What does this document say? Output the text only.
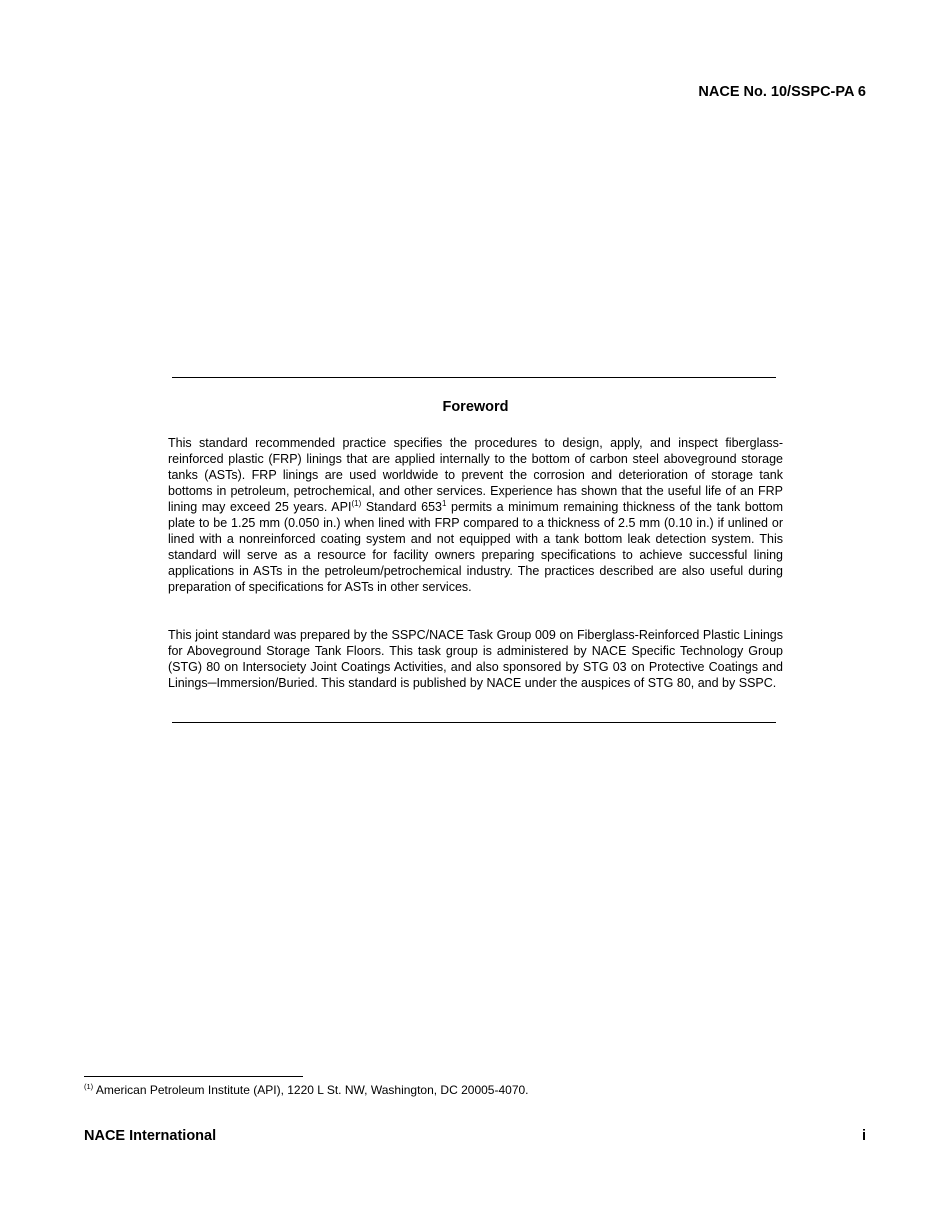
NACE No. 10/SSPC-PA 6
Foreword

This standard recommended practice specifies the procedures to design, apply, and inspect fiberglass-reinforced plastic (FRP) linings that are applied internally to the bottom of carbon steel aboveground storage tanks (ASTs). FRP linings are used worldwide to prevent the corrosion and deterioration of storage tank bottoms in petroleum, petrochemical, and other services. Experience has shown that the useful life of an FRP lining may exceed 25 years. API$^{(1)}$ Standard $653^1$ permits a minimum remaining thickness of the tank bottom plate to be 1.25 mm (0.050 in.) when lined with FRP compared to a thickness of 2.5 mm (0.10 in.) if unlined or lined with a nonreinforced coating system and not equipped with a tank bottom leak detection system. This standard will serve as a resource for facility owners preparing specifications to achieve successful lining applications in ASTs in the petroleum/petrochemical industry. The practices described are also useful during preparation of specifications for ASTs in other services.

This joint standard was prepared by the SSPC/NACE Task Group 009 on Fiberglass-Reinforced Plastic Linings for Aboveground Storage Tank Floors. This task group is administered by NACE Specific Technology Group (STG) 80 on Intersociety Joint Coatings Activities, and also sponsored by STG 03 on Protective Coatings and Linings─Immersion/Buried. This standard is published by NACE under the auspices of STG 80, and by SSPC.

$^{(1)}$ American Petroleum Institute (API), 1220 L St. NW, Washington, DC 20005-4070.
NACE International	i
